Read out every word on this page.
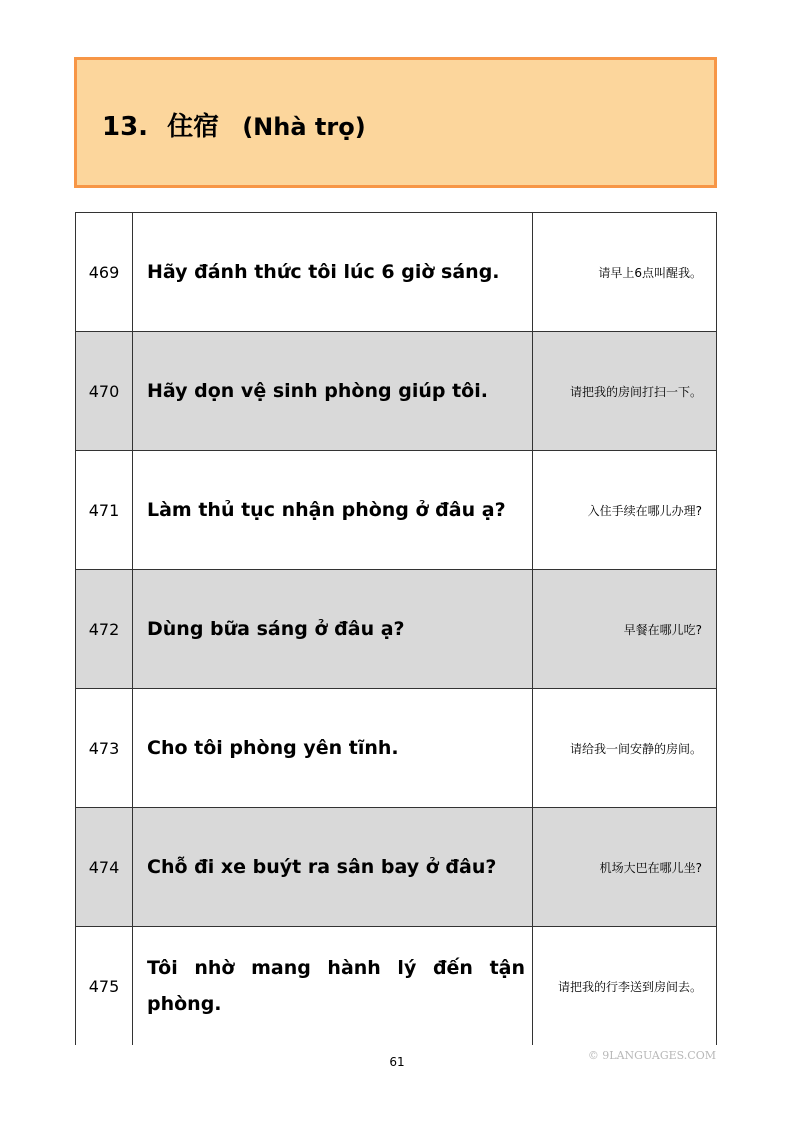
13. 住宿 (Nhà trọ)
469	Hãy đánh thức tôi lúc 6 giờ sáng.	请早上6点叫醒我。
470	Hãy dọn vệ sinh phòng giúp tôi.	请把我的房间打扫一下。
471	Làm thủ tục nhận phòng ở đâu ạ?	入住手续在哪儿办理?
472	Dùng bữa sáng ở đâu ạ?	早餐在哪儿吃?
473	Cho tôi phòng yên tĩnh.	请给我一间安静的房间。
474	Chỗ đi xe buýt ra sân bay ở đâu?	机场大巴在哪儿坐?
475	Tôi nhờ mang hành lý đến tận phòng.	请把我的行李送到房间去。
61	© 9LANGUAGES.COM
